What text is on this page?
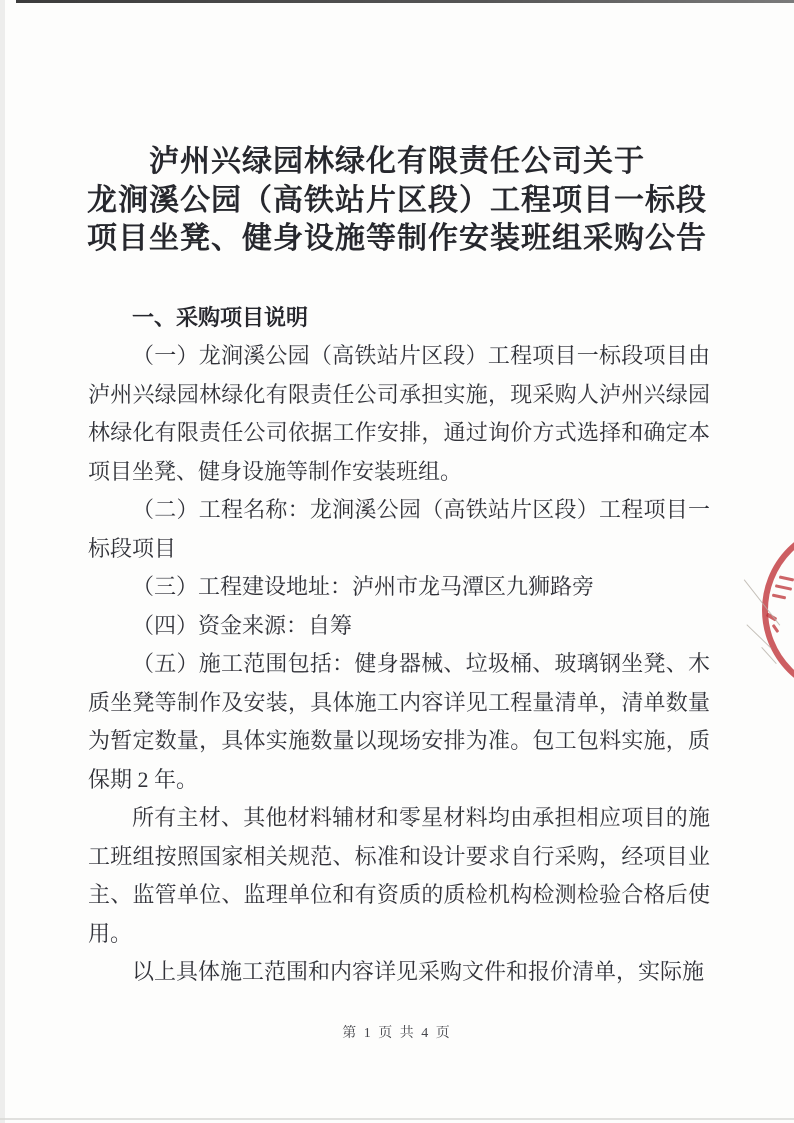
泸州兴绿园林绿化有限责任公司关于
龙涧溪公园（高铁站片区段）工程项目一标段
项目坐凳、健身设施等制作安装班组采购公告
一、采购项目说明

（一）龙涧溪公园（高铁站片区段）工程项目一标段项目由泸州兴绿园林绿化有限责任公司承担实施，现采购人泸州兴绿园林绿化有限责任公司依据工作安排，通过询价方式选择和确定本项目坐凳、健身设施等制作安装班组。

（二）工程名称：龙涧溪公园（高铁站片区段）工程项目一标段项目

（三）工程建设地址：泸州市龙马潭区九狮路旁

（四）资金来源：自筹

（五）施工范围包括：健身器械、垃圾桶、玻璃钢坐凳、木质坐凳等制作及安装，具体施工内容详见工程量清单，清单数量为暂定数量，具体实施数量以现场安排为准。包工包料实施，质保期 2 年。

所有主材、其他材料辅材和零星材料均由承担相应项目的施工班组按照国家相关规范、标准和设计要求自行采购，经项目业主、监管单位、监理单位和有资质的质检机构检测检验合格后使用。

以上具体施工范围和内容详见采购文件和报价清单，实际施

第 1 页 共 4 页
